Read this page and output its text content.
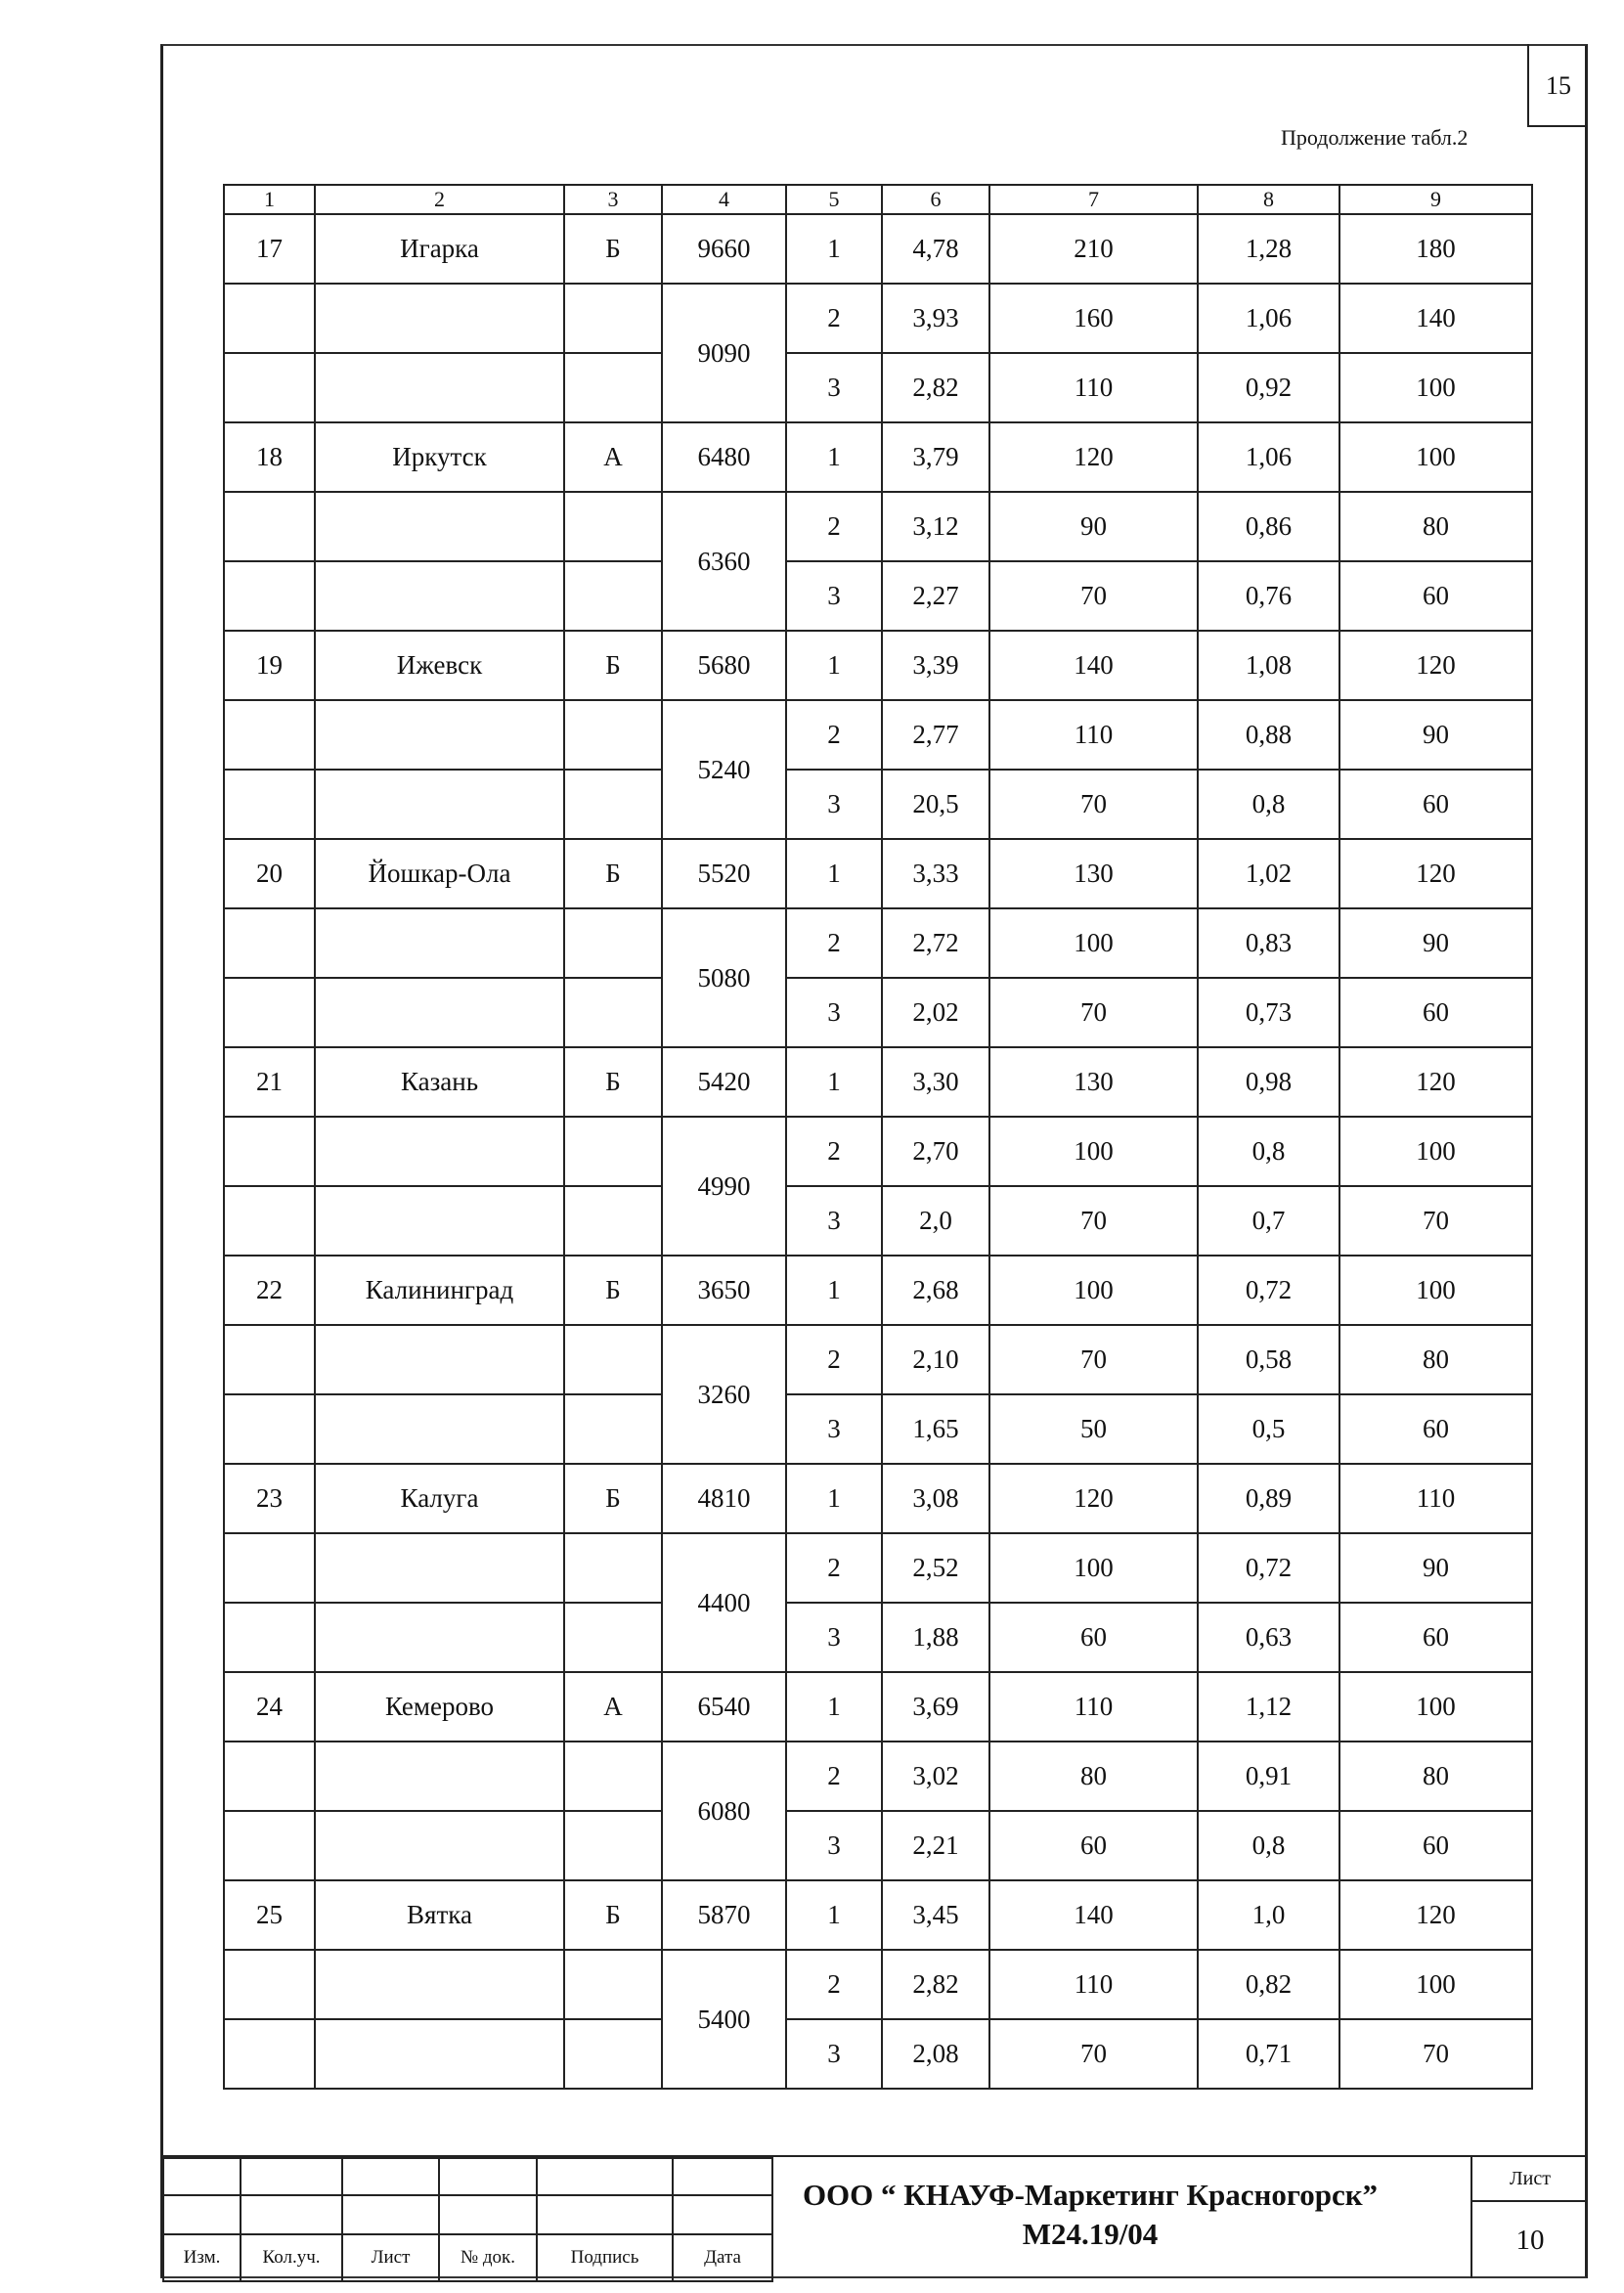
15
Продолжение табл.2
1	2	3	4	5	6	7	8	9
17	Игарка	Б	9660	1	4,78	210	1,28	180
			9090	2	3,93	160	1,06	140
				3	2,82	110	0,92	100
18	Иркутск	А	6480	1	3,79	120	1,06	100
			6360	2	3,12	90	0,86	80
				3	2,27	70	0,76	60
19	Ижевск	Б	5680	1	3,39	140	1,08	120
			5240	2	2,77	110	0,88	90
				3	20,5	70	0,8	60
20	Йошкар-Ола	Б	5520	1	3,33	130	1,02	120
			5080	2	2,72	100	0,83	90
				3	2,02	70	0,73	60
21	Казань	Б	5420	1	3,30	130	0,98	120
			4990	2	2,70	100	0,8	100
				3	2,0	70	0,7	70
22	Калининград	Б	3650	1	2,68	100	0,72	100
			3260	2	2,10	70	0,58	80
				3	1,65	50	0,5	60
23	Калуга	Б	4810	1	3,08	120	0,89	110
			4400	2	2,52	100	0,72	90
				3	1,88	60	0,63	60
24	Кемерово	А	6540	1	3,69	110	1,12	100
			6080	2	3,02	80	0,91	80
				3	2,21	60	0,8	60
25	Вятка	Б	5870	1	3,45	140	1,0	120
			5400	2	2,82	110	0,82	100
				3	2,08	70	0,71	70

Изм.	Кол.уч.	Лист	№ док.	Подпись	Дата
ООО “ КНАУФ-Маркетинг Красногорск”
М24.19/04
Лист
10
